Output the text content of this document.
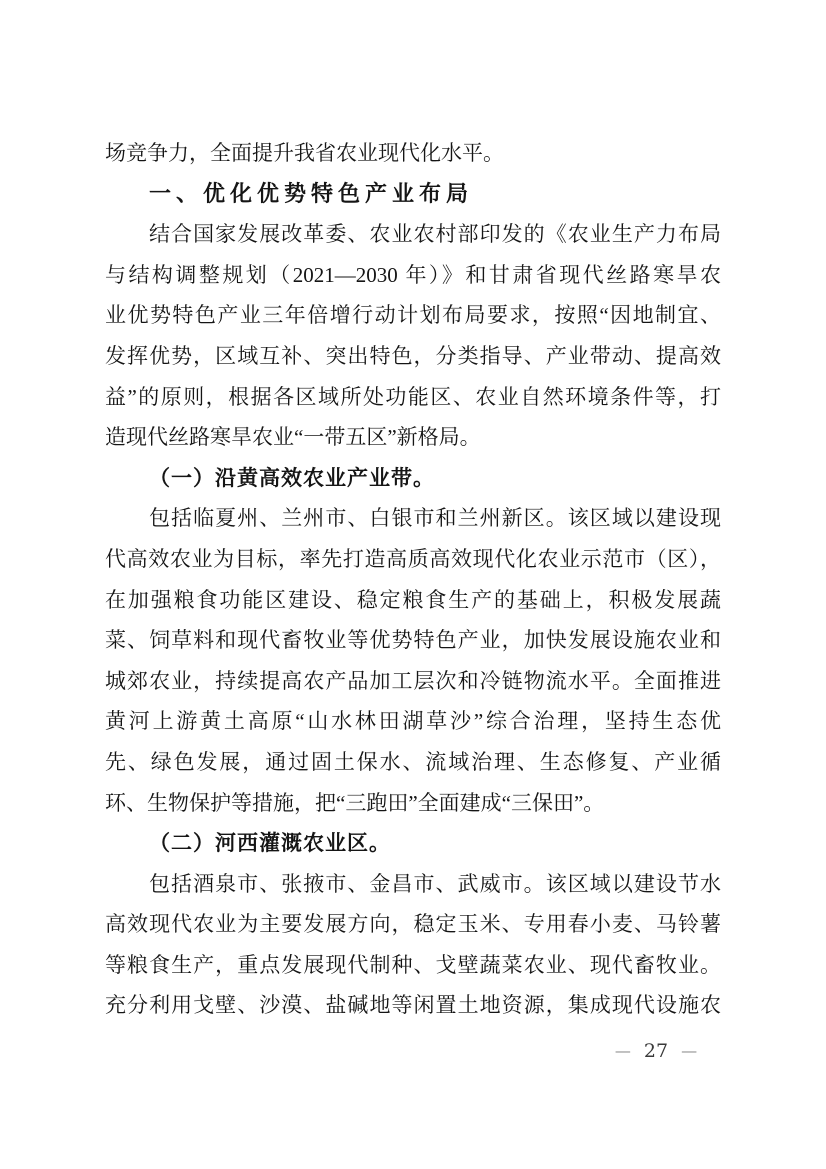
场竞争力，全面提升我省农业现代化水平。
一、优化优势特色产业布局
结合国家发展改革委、农业农村部印发的《农业生产力布局
与结构调整规划（2021—2030 年）》和甘肃省现代丝路寒旱农
业优势特色产业三年倍增行动计划布局要求，按照“因地制宜、
发挥优势，区域互补、突出特色，分类指导、产业带动、提高效
益”的原则，根据各区域所处功能区、农业自然环境条件等，打
造现代丝路寒旱农业“一带五区”新格局。
（一）沿黄高效农业产业带。
包括临夏州、兰州市、白银市和兰州新区。该区域以建设现
代高效农业为目标，率先打造高质高效现代化农业示范市（区），
在加强粮食功能区建设、稳定粮食生产的基础上，积极发展蔬
菜、饲草料和现代畜牧业等优势特色产业，加快发展设施农业和
城郊农业，持续提高农产品加工层次和冷链物流水平。全面推进
黄河上游黄土高原“山水林田湖草沙”综合治理，坚持生态优
先、绿色发展，通过固土保水、流域治理、生态修复、产业循
环、生物保护等措施，把“三跑田”全面建成“三保田”。
（二）河西灌溉农业区。
包括酒泉市、张掖市、金昌市、武威市。该区域以建设节水
高效现代农业为主要发展方向，稳定玉米、专用春小麦、马铃薯
等粮食生产，重点发展现代制种、戈壁蔬菜农业、现代畜牧业。
充分利用戈壁、沙漠、盐碱地等闲置土地资源，集成现代设施农
— 27 —
